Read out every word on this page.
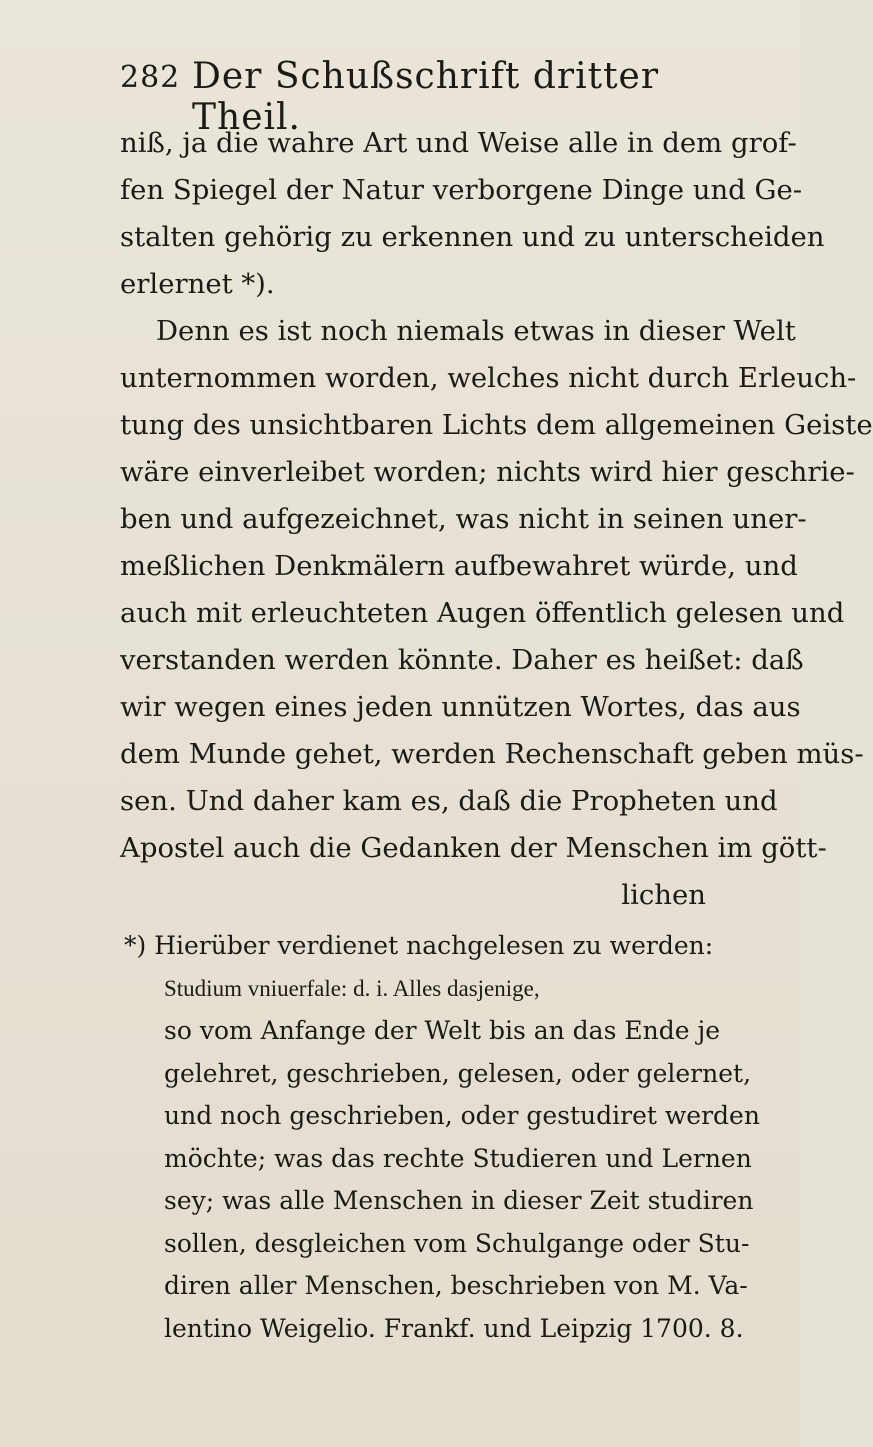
282 Der Schußschrift dritter Theil.
niß, ja die wahre Art und Weise alle in dem grof-
fen Spiegel der Natur verborgene Dinge und Ge-
stalten gehörig zu erkennen und zu unterscheiden
erlernet *).
Denn es ist noch niemals etwas in dieser Welt
unternommen worden, welches nicht durch Erleuch-
tung des unsichtbaren Lichts dem allgemeinen Geiste
wäre einverleibet worden; nichts wird hier geschrie-
ben und aufgezeichnet, was nicht in seinen uner-
meßlichen Denkmälern aufbewahret würde, und
auch mit erleuchteten Augen öffentlich gelesen und
verstanden werden könnte. Daher es heißet: daß
wir wegen eines jeden unnützen Wortes, das aus
dem Munde gehet, werden Rechenschaft geben müs-
sen. Und daher kam es, daß die Propheten und
Apostel auch die Gedanken der Menschen im gött-
lichen
*) Hierüber verdienet nachgelesen zu werden:
Studium vniuerfale: d. i. Alles dasjenige,
so vom Anfange der Welt bis an das Ende je
gelehret, geschrieben, gelesen, oder gelernet,
und noch geschrieben, oder gestudiret werden
möchte; was das rechte Studieren und Lernen
sey; was alle Menschen in dieser Zeit studiren
sollen, desgleichen vom Schulgange oder Stu-
diren aller Menschen, beschrieben von M. Va-
lentino Weigelio. Frankf. und Leipzig 1700. 8.
